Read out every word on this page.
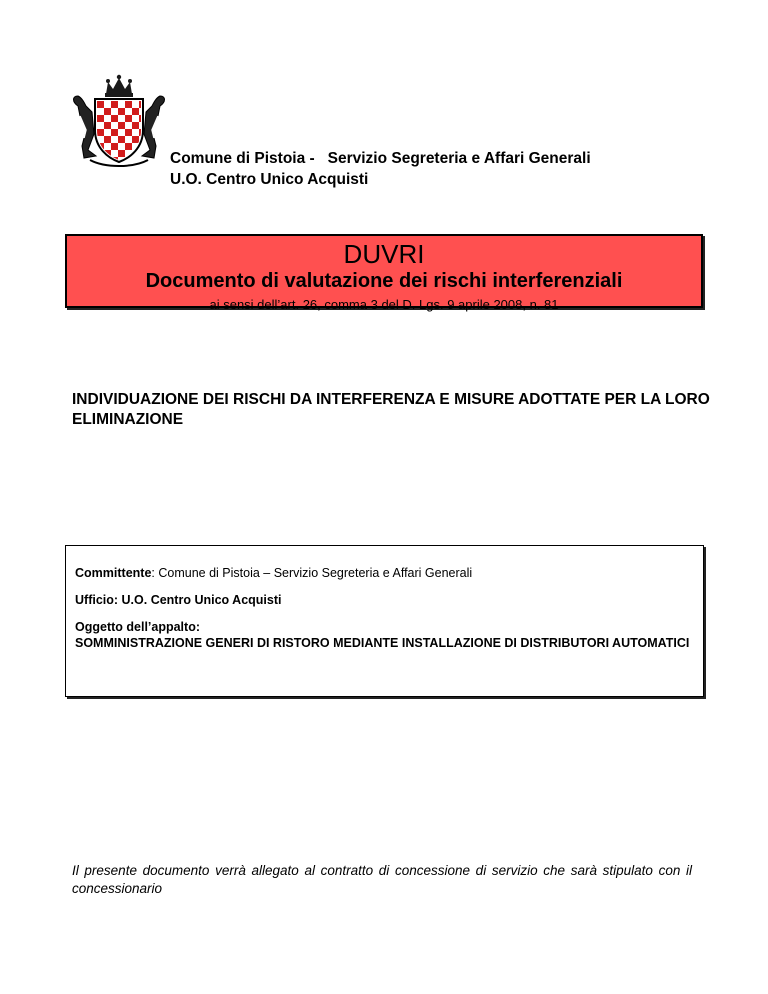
Comune di Pistoia - Servizio Segreteria e Affari Generali
U.O. Centro Unico Acquisti
DUVRI
Documento di valutazione dei rischi interferenziali
ai sensi dell’art. 26, comma 3 del D. Lgs. 9 aprile 2008, n. 81
INDIVIDUAZIONE DEI RISCHI DA INTERFERENZA E MISURE ADOTTATE PER LA LORO ELIMINAZIONE

Committente: Comune di Pistoia – Servizio Segreteria e Affari Generali

Ufficio: U.O. Centro Unico Acquisti

Oggetto dell’appalto:
SOMMINISTRAZIONE GENERI DI RISTORO MEDIANTE INSTALLAZIONE DI DISTRIBUTORI AUTOMATICI

Il presente documento verrà allegato al contratto di concessione di servizio che sarà stipulato con il concessionario
